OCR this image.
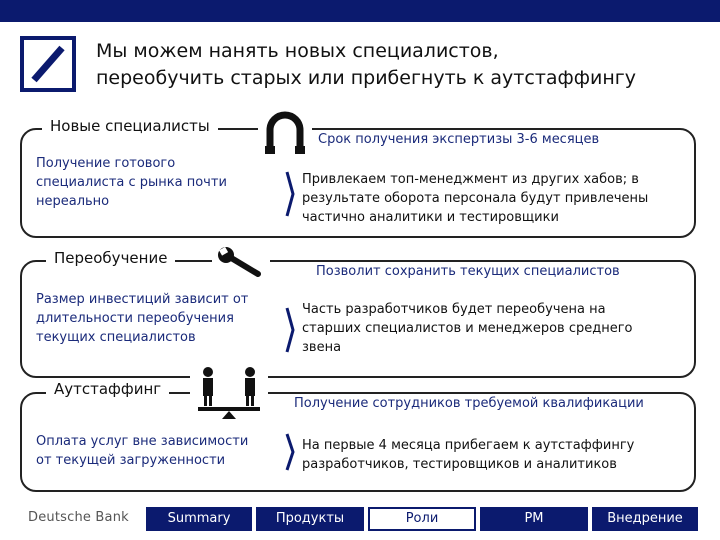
Мы можем нанять новых специалистов,
переобучить старых или прибегнуть к аутстаффингу
Новые специалисты
Срок получения экспертизы 3-6 месяцев
Получение готового
специалиста с рынка почти
нереально
Привлекаем топ-менеджмент из других хабов; в
результате оборота персонала будут привлечены
частично аналитики и тестировщики
Переобучение
Позволит сохранить текущих специалистов
Размер инвестиций зависит от
длительности переобучения
текущих специалистов
Часть разработчиков будет переобучена на
старших специалистов и менеджеров среднего
звена
Аутстаффинг
Получение сотрудников требуемой квалификации
Оплата услуг вне зависимости
от текущей загруженности
На первые 4 месяца прибегаем к аутстаффингу
разработчиков, тестировщиков и аналитиков
Deutsche Bank	Summary	Продукты	Роли	PM	Внедрение
